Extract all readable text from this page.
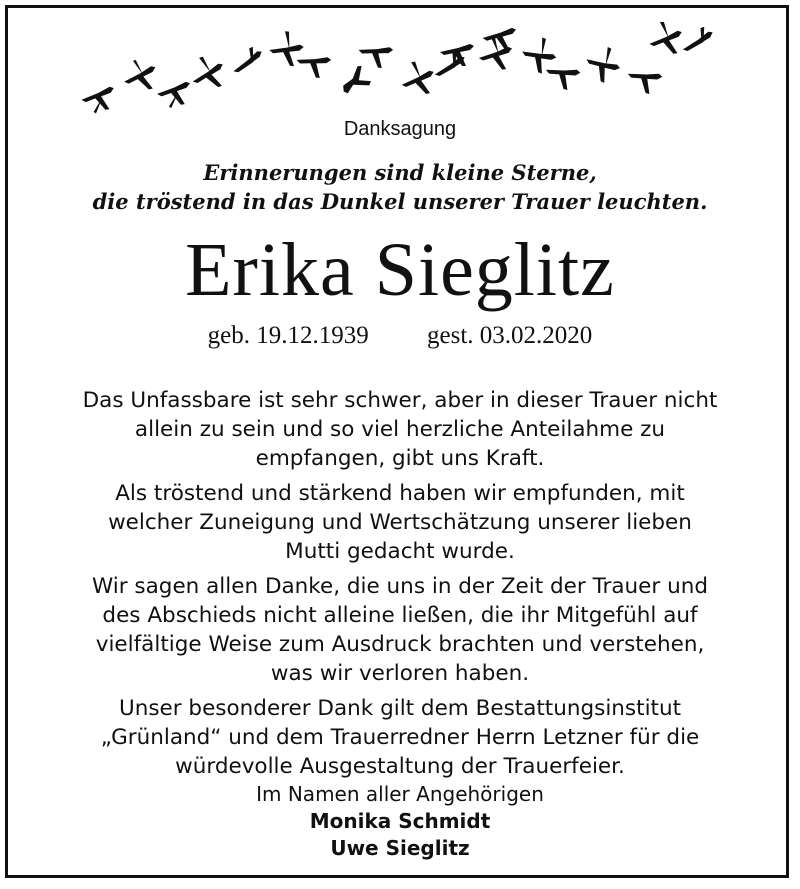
Danksagung
Erinnerungen sind kleine Sterne,
die tröstend in das Dunkel unserer Trauer leuchten.
Erika Sieglitz
geb. 19.12.1939 gest. 03.02.2020
Das Unfassbare ist sehr schwer, aber in dieser Trauer nicht
allein zu sein und so viel herzliche Anteilahme zu
empfangen, gibt uns Kraft.
Als tröstend und stärkend haben wir empfunden, mit
welcher Zuneigung und Wertschätzung unserer lieben
Mutti gedacht wurde.
Wir sagen allen Danke, die uns in der Zeit der Trauer und
des Abschieds nicht alleine ließen, die ihr Mitgefühl auf
vielfältige Weise zum Ausdruck brachten und verstehen,
was wir verloren haben.
Unser besonderer Dank gilt dem Bestattungsinstitut
„Grünland“ und dem Trauerredner Herrn Letzner für die
würdevolle Ausgestaltung der Trauerfeier.
Im Namen aller Angehörigen
Monika Schmidt
Uwe Sieglitz
